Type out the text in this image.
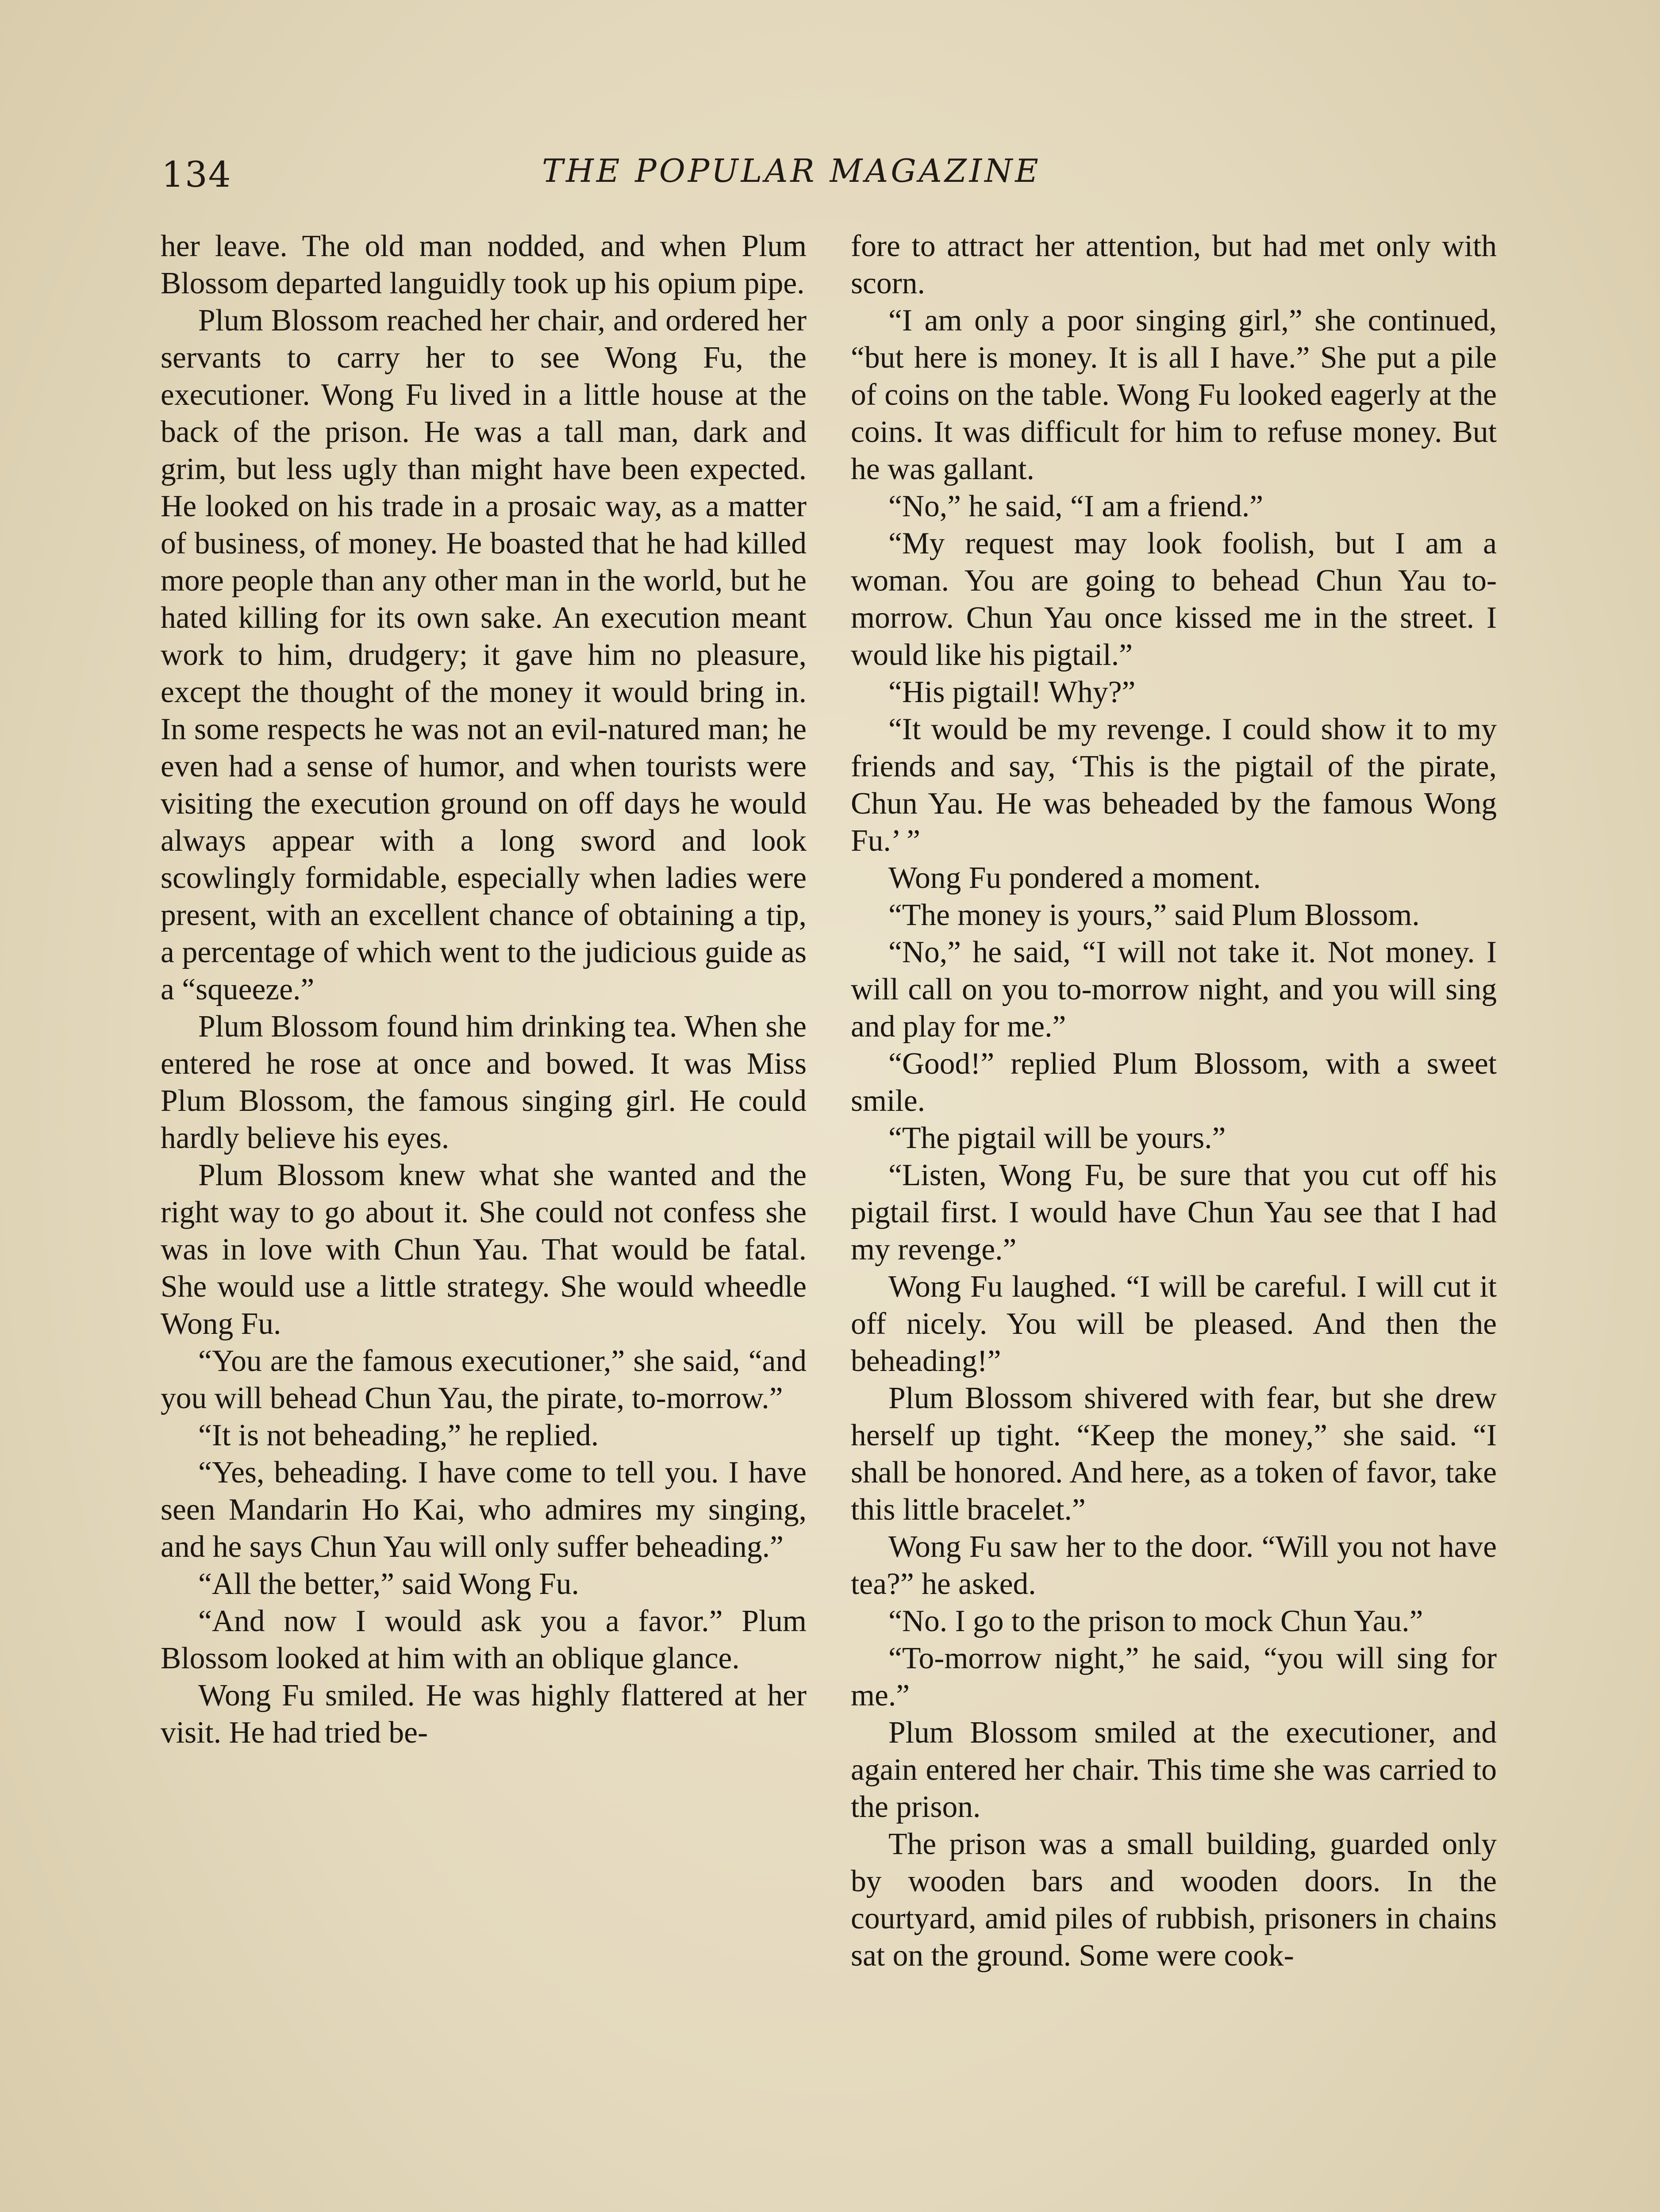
134	THE POPULAR MAGAZINE

her leave. The old man nodded, and when Plum Blossom departed languidly took up his opium pipe.

Plum Blossom reached her chair, and ordered her servants to carry her to see Wong Fu, the executioner. Wong Fu lived in a little house at the back of the prison. He was a tall man, dark and grim, but less ugly than might have been expected. He looked on his trade in a prosaic way, as a matter of business, of money. He boasted that he had killed more people than any other man in the world, but he hated killing for its own sake. An execution meant work to him, drudgery; it gave him no pleasure, except the thought of the money it would bring in. In some respects he was not an evil-natured man; he even had a sense of humor, and when tourists were visiting the execution ground on off days he would always appear with a long sword and look scowlingly formidable, especially when ladies were present, with an excellent chance of obtaining a tip, a percentage of which went to the judicious guide as a “squeeze.”

Plum Blossom found him drinking tea. When she entered he rose at once and bowed. It was Miss Plum Blossom, the famous singing girl. He could hardly believe his eyes.

Plum Blossom knew what she wanted and the right way to go about it. She could not confess she was in love with Chun Yau. That would be fatal. She would use a little strategy. She would wheedle Wong Fu.

“You are the famous executioner,” she said, “and you will behead Chun Yau, the pirate, to-morrow.”

“It is not beheading,” he replied.

“Yes, beheading. I have come to tell you. I have seen Mandarin Ho Kai, who admires my singing, and he says Chun Yau will only suffer beheading.”

“All the better,” said Wong Fu.

“And now I would ask you a favor.” Plum Blossom looked at him with an oblique glance.

Wong Fu smiled. He was highly flattered at her visit. He had tried be-

fore to attract her attention, but had met only with scorn.

“I am only a poor singing girl,” she continued, “but here is money. It is all I have.” She put a pile of coins on the table. Wong Fu looked eagerly at the coins. It was difficult for him to refuse money. But he was gallant.

“No,” he said, “I am a friend.”

“My request may look foolish, but I am a woman. You are going to behead Chun Yau to-morrow. Chun Yau once kissed me in the street. I would like his pigtail.”

“His pigtail! Why?”

“It would be my revenge. I could show it to my friends and say, ‘This is the pigtail of the pirate, Chun Yau. He was beheaded by the famous Wong Fu.’ ”

Wong Fu pondered a moment.

“The money is yours,” said Plum Blossom.

“No,” he said, “I will not take it. Not money. I will call on you to-morrow night, and you will sing and play for me.”

“Good!” replied Plum Blossom, with a sweet smile.

“The pigtail will be yours.”

“Listen, Wong Fu, be sure that you cut off his pigtail first. I would have Chun Yau see that I had my revenge.”

Wong Fu laughed. “I will be careful. I will cut it off nicely. You will be pleased. And then the beheading!”

Plum Blossom shivered with fear, but she drew herself up tight. “Keep the money,” she said. “I shall be honored. And here, as a token of favor, take this little bracelet.”

Wong Fu saw her to the door. “Will you not have tea?” he asked.

“No. I go to the prison to mock Chun Yau.”

“To-morrow night,” he said, “you will sing for me.”

Plum Blossom smiled at the executioner, and again entered her chair. This time she was carried to the prison.

The prison was a small building, guarded only by wooden bars and wooden doors. In the courtyard, amid piles of rubbish, prisoners in chains sat on the ground. Some were cook-
